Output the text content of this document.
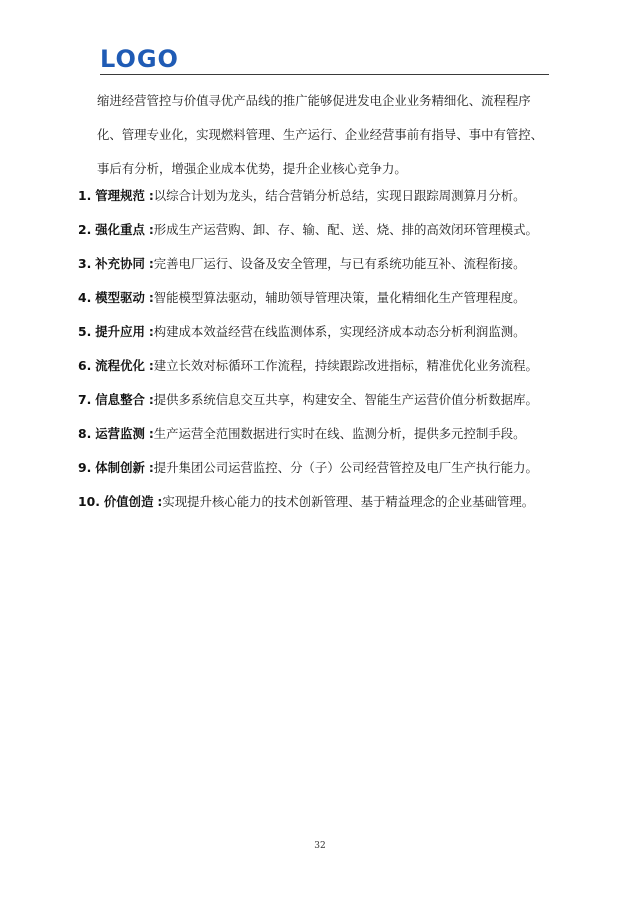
LOGO
缩进经营管控与价值寻优产品线的推广能够促进发电企业业务精细化、流程程序
化、管理专业化，实现燃料管理、生产运行、企业经营事前有指导、事中有管控、
事后有分析，增强企业成本优势，提升企业核心竞争力。
1. 管理规范 :以综合计划为龙头，结合营销分析总结，实现日跟踪周测算月分析。
2. 强化重点 :形成生产运营购、卸、存、输、配、送、烧、排的高效闭环管理模式。
3. 补充协同 :完善电厂运行、设备及安全管理，与已有系统功能互补、流程衔接。
4. 模型驱动 :智能模型算法驱动，辅助领导管理决策，量化精细化生产管理程度。
5. 提升应用 :构建成本效益经营在线监测体系，实现经济成本动态分析利润监测。
6. 流程优化 :建立长效对标循环工作流程，持续跟踪改进指标，精准优化业务流程。
7. 信息整合 :提供多系统信息交互共享，构建安全、智能生产运营价值分析数据库。
8. 运营监测 :生产运营全范围数据进行实时在线、监测分析，提供多元控制手段。
9. 体制创新 :提升集团公司运营监控、分（子）公司经营管控及电厂生产执行能力。
10. 价值创造 :实现提升核心能力的技术创新管理、基于精益理念的企业基础管理。
32
